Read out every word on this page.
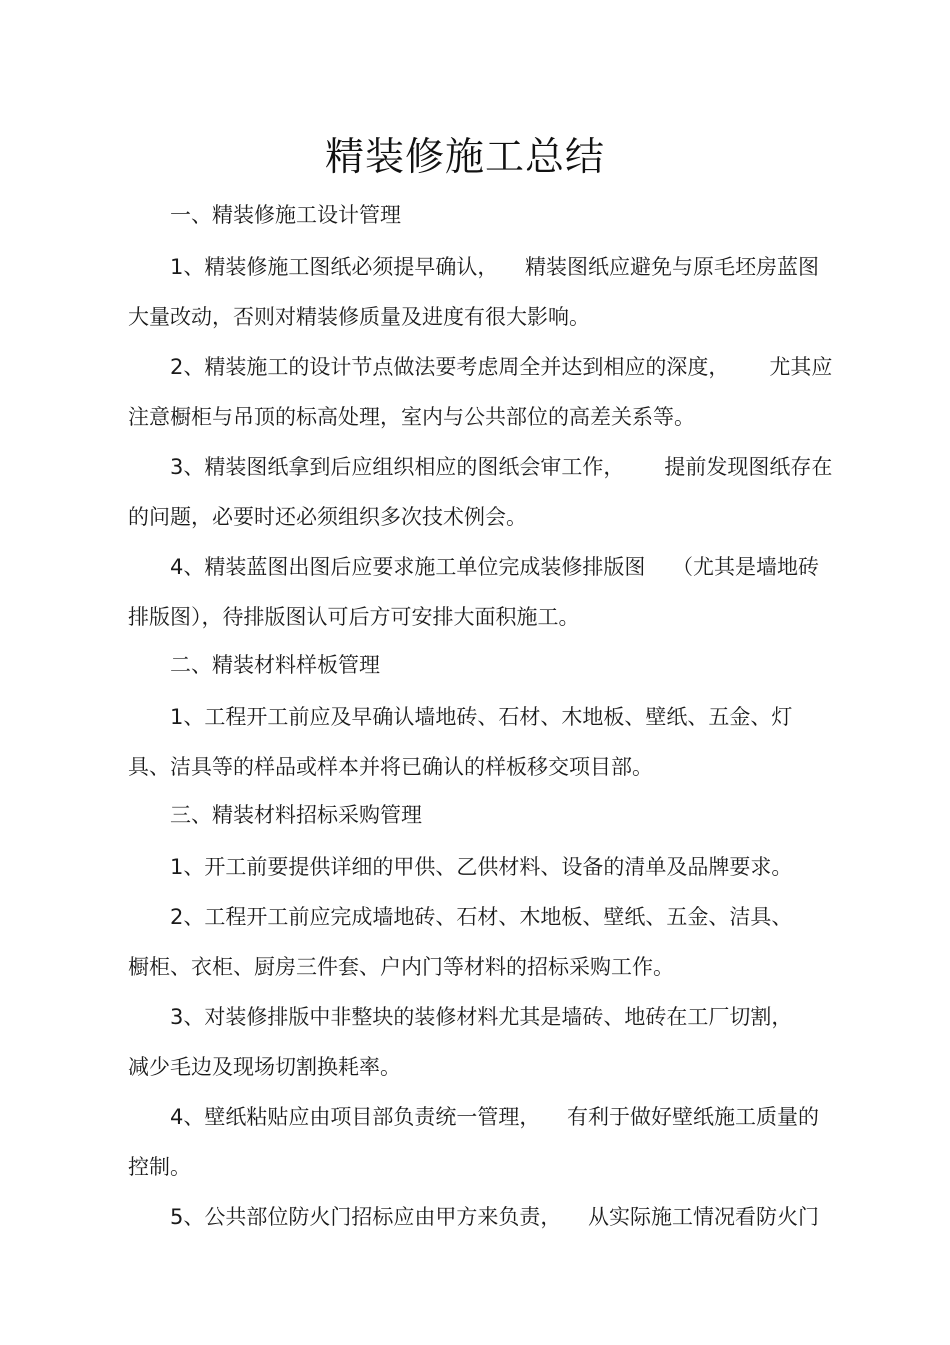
精装修施工总结
一、精装修施工设计管理
1、精装修施工图纸必须提早确认，    精装图纸应避免与原毛坯房蓝图
大量改动，否则对精装修质量及进度有很大影响。
2、精装施工的设计节点做法要考虑周全并达到相应的深度，      尤其应
注意橱柜与吊顶的标高处理，室内与公共部位的高差关系等。
3、精装图纸拿到后应组织相应的图纸会审工作，      提前发现图纸存在
的问题，必要时还必须组织多次技术例会。
4、精装蓝图出图后应要求施工单位完成装修排版图    （尤其是墙地砖
排版图），待排版图认可后方可安排大面积施工。
二、精装材料样板管理
1、工程开工前应及早确认墙地砖、石材、木地板、壁纸、五金、灯
具、洁具等的样品或样本并将已确认的样板移交项目部。
三、精装材料招标采购管理
1、开工前要提供详细的甲供、乙供材料、设备的清单及品牌要求。
2、工程开工前应完成墙地砖、石材、木地板、壁纸、五金、洁具、
橱柜、衣柜、厨房三件套、户内门等材料的招标采购工作。
3、对装修排版中非整块的装修材料尤其是墙砖、地砖在工厂切割，
减少毛边及现场切割换耗率。
4、壁纸粘贴应由项目部负责统一管理，    有利于做好壁纸施工质量的
控制。
5、公共部位防火门招标应由甲方来负责，    从实际施工情况看防火门
